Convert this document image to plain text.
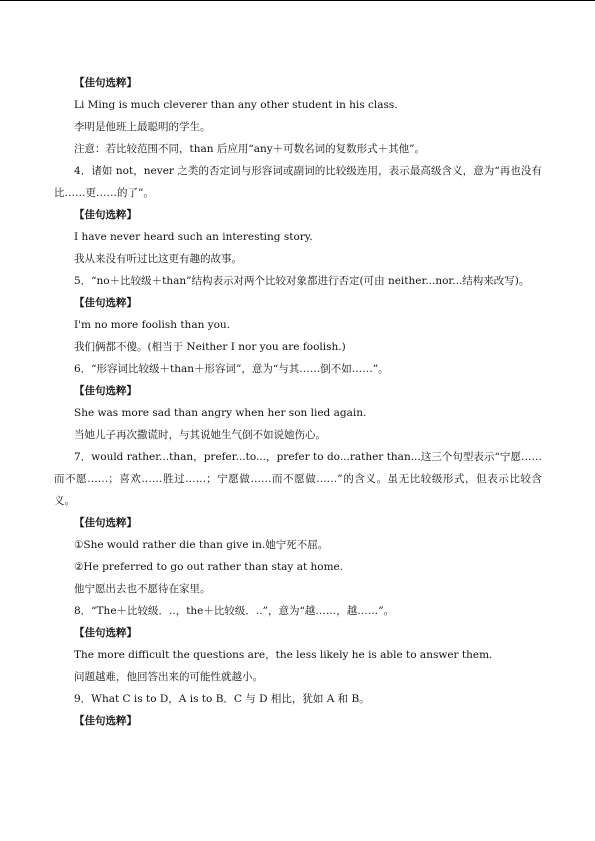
【佳句选粹】

Li Ming is much cleverer than any other student in his class.

李明是他班上最聪明的学生。

注意：若比较范围不同，than 后应用“any＋可数名词的复数形式＋其他”。

4．诸如 not，never 之类的否定词与形容词或副词的比较级连用，表示最高级含义，意为“再也没有比……更……的了”。

【佳句选粹】

I have never heard such an interesting story.

我从来没有听过比这更有趣的故事。

5．“no＋比较级＋than”结构表示对两个比较对象都进行否定(可由 neither...nor...结构来改写)。

【佳句选粹】

I'm no more foolish than you.

我们俩都不傻。(相当于 Neither I nor you are foolish.)

6．“形容词比较级＋than＋形容词”，意为“与其……倒不如……”。

【佳句选粹】

She was more sad than angry when her son lied again.

当她儿子再次撒谎时，与其说她生气倒不如说她伤心。

7．would rather...than，prefer...to...，prefer to do...rather than...这三个句型表示“宁愿……而不愿……；喜欢……胜过……；宁愿做……而不愿做……”的含义。虽无比较级形式，但表示比较含义。

【佳句选粹】

①She would rather die than give in.她宁死不屈。

②He preferred to go out rather than stay at home.

他宁愿出去也不愿待在家里。

8．“The＋比较级．..，the＋比较级．..”，意为“越……，越……”。

【佳句选粹】

The more difficult the questions are，the less likely he is able to answer them.

问题越难，他回答出来的可能性就越小。

9．What C is to D，A is to B．C 与 D 相比，犹如 A 和 B。

【佳句选粹】
